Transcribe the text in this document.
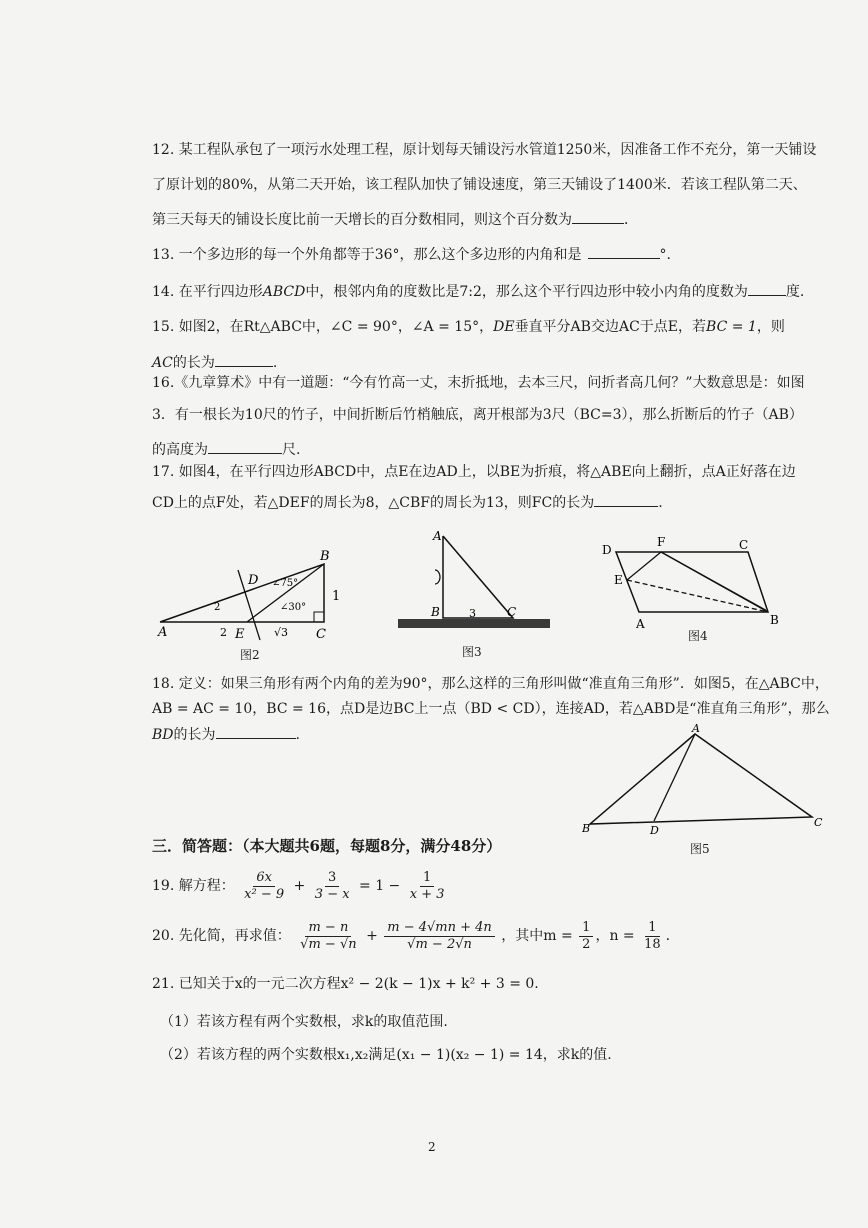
12. 某工程队承包了一项污水处理工程，原计划每天铺设污水管道1250米，因准备工作不充分，第一天铺设
了原计划的80%，从第二天开始，该工程队加快了铺设速度，第三天铺设了1400米．若该工程队第二天、
第三天每天的铺设长度比前一天增长的百分数相同，则这个百分数为	．
13. 一个多边形的每一个外角都等于36°，那么这个多边形的内角和是	°.
14. 在平行四边形ABCD中，根邻内角的度数比是7:2，那么这个平行四边形中较小内角的度数为	度.
15. 如图2，在Rt△ABC中，∠C = 90°，∠A = 15°，DE垂直平分AB交边AC于点E，若BC = 1，则
AC的长为	.
16.《九章算术》中有一道题：“今有竹高一丈，末折抵地，去本三尺，问折者高几何？”大数意思是：如图
3．有一根长为10尺的竹子，中间折断后竹梢触底，离开根部为3尺（BC=3），那么折断后的竹子（AB）
的高度为	尺.
17. 如图4，在平行四边形ABCD中，点E在边AD上，以BE为折痕，将△ABE向上翻折，点A正好落在边
CD上的点F处，若△DEF的周长为8，△CBF的周长为13，则FC的长为	.
A
B
C
D
E
1
2	√3
2
∠75°
∠30°
图2
A
B	C
3
图3
D
F	C
E
A	B
图4
18. 定义：如果三角形有两个内角的差为90°，那么这样的三角形叫做“准直角三角形”．如图5，在△ABC中，
AB = AC = 10，BC = 16，点D是边BC上一点（BD < CD），连接AD，若△ABD是“准直角三角形”，那么
BD的长为	.	A
B	C
D
图5
三．简答题：（本大题共6题，每题8分，满分48分）
19. 解方程： $\frac{6x}{\text{x² − 9}} + \frac{3}{3 - x} = 1 - \frac{1}{x + 3}$
20. 先化简，再求值： $\frac{m - n}{√m - √n} + \frac{m - 4√mn + 4n}{√m - 2√n}$ ，其中$m = \frac{1}{2}$ ，$n = \frac{1}{18}$ .
21. 已知关于x的一元二次方程x² − 2(k − 1)x + k² + 3 = 0.
（1）若该方程有两个实数根，求k的取值范围.
（2）若该方程的两个实数根x₁,x₂满足(x₁ − 1)(x₂ − 1) = 14，求k的值.
2
